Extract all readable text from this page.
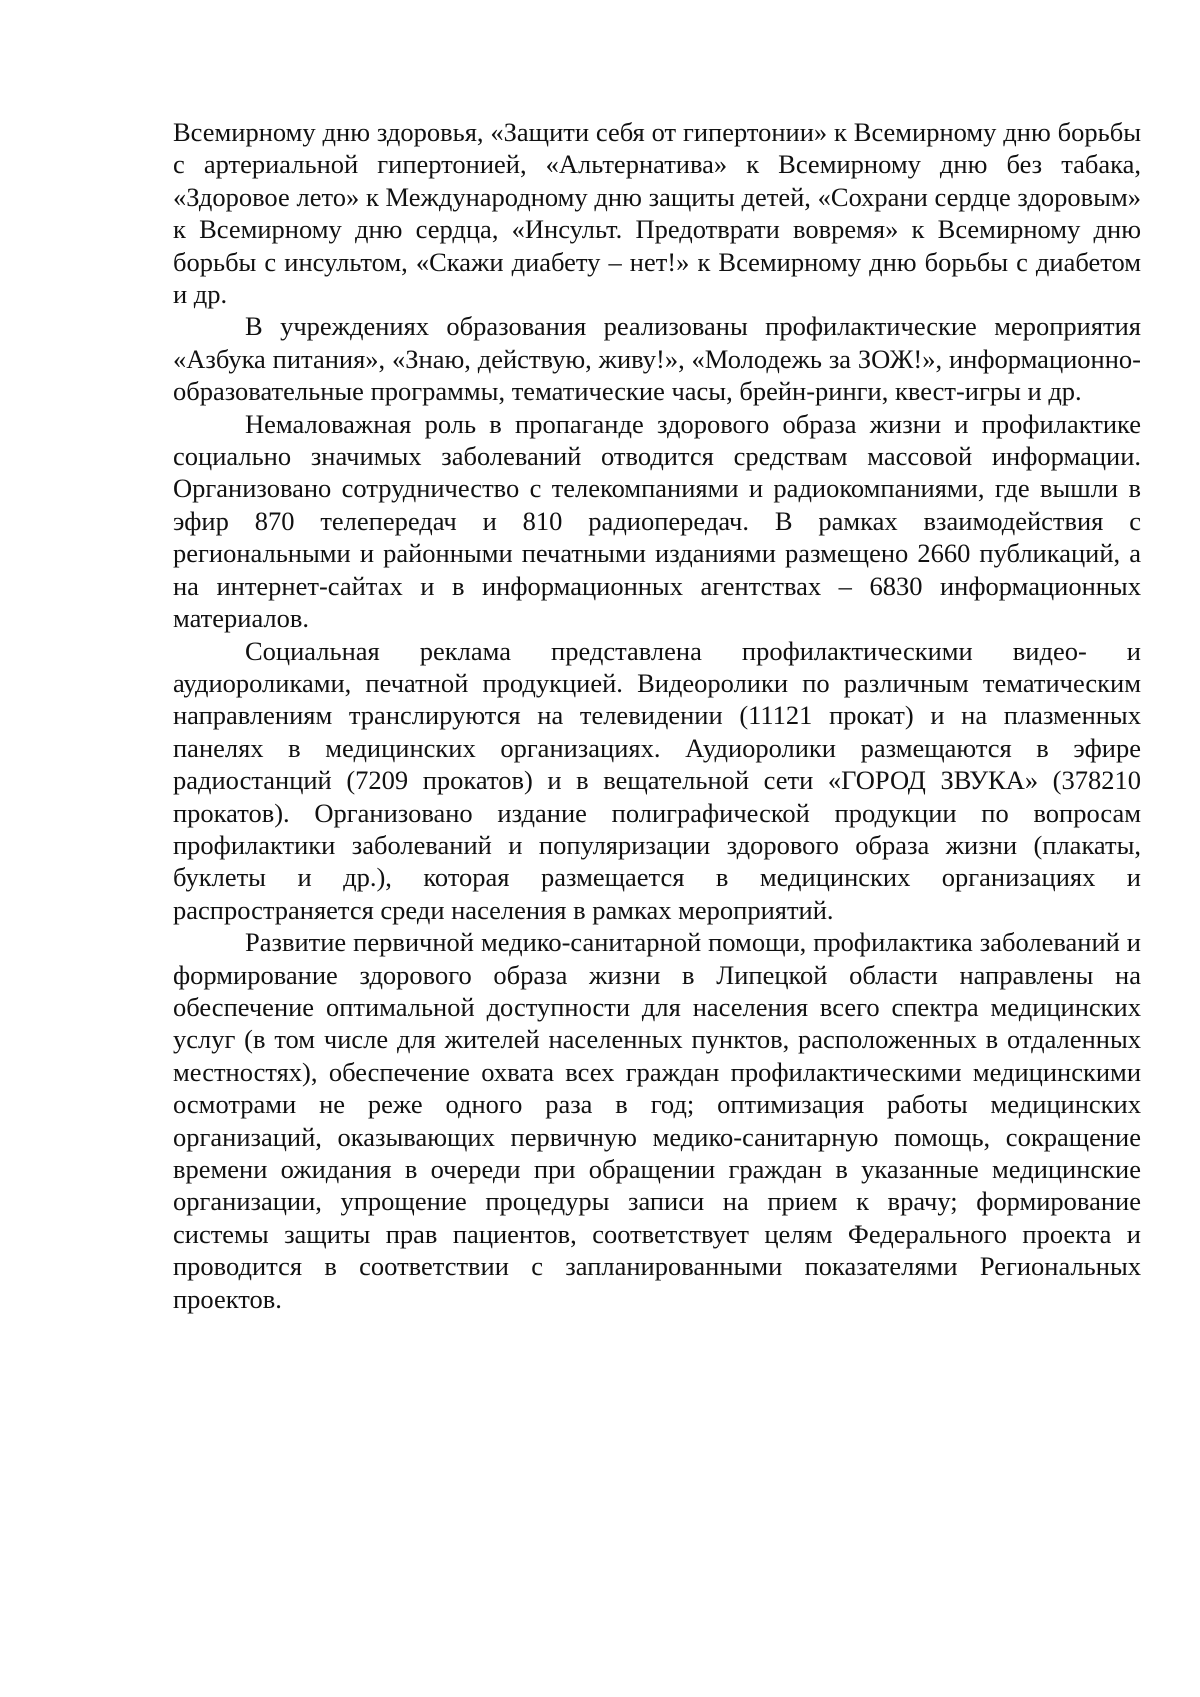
Всемирному дню здоровья, «Защити себя от гипертонии» к Всемирному дню борьбы с артериальной гипертонией, «Альтернатива» к Всемирному дню без табака, «Здоровое лето» к Международному дню защиты детей, «Сохрани сердце здоровым» к Всемирному дню сердца, «Инсульт. Предотврати вовремя» к Всемирному дню борьбы с инсультом, «Скажи диабету – нет!» к Всемирному дню борьбы с диабетом и др.

В учреждениях образования реализованы профилактические мероприятия «Азбука питания», «Знаю, действую, живу!», «Молодежь за ЗОЖ!», информационно-образовательные программы, тематические часы, брейн-ринги, квест-игры и др.

Немаловажная роль в пропаганде здорового образа жизни и профилактике социально значимых заболеваний отводится средствам массовой информации. Организовано сотрудничество с телекомпаниями и радиокомпаниями, где вышли в эфир 870 телепередач и 810 радиопередач. В рамках взаимодействия с региональными и районными печатными изданиями размещено 2660 публикаций, а на интернет-сайтах и в информационных агентствах – 6830 информационных материалов.

Социальная реклама представлена профилактическими видео- и аудиороликами, печатной продукцией. Видеоролики по различным тематическим направлениям транслируются на телевидении (11121 прокат) и на плазменных панелях в медицинских организациях. Аудиоролики размещаются в эфире радиостанций (7209 прокатов) и в вещательной сети «ГОРОД ЗВУКА» (378210 прокатов). Организовано издание полиграфической продукции по вопросам профилактики заболеваний и популяризации здорового образа жизни (плакаты, буклеты и др.), которая размещается в медицинских организациях и распространяется среди населения в рамках мероприятий.

Развитие первичной медико-санитарной помощи, профилактика заболеваний и формирование здорового образа жизни в Липецкой области направлены на обеспечение оптимальной доступности для населения всего спектра медицинских услуг (в том числе для жителей населенных пунктов, расположенных в отдаленных местностях), обеспечение охвата всех граждан профилактическими медицинскими осмотрами не реже одного раза в год; оптимизация работы медицинских организаций, оказывающих первичную медико-санитарную помощь, сокращение времени ожидания в очереди при обращении граждан в указанные медицинские организации, упрощение процедуры записи на прием к врачу; формирование системы защиты прав пациентов, соответствует целям Федерального проекта и проводится в соответствии с запланированными показателями Региональных проектов.
